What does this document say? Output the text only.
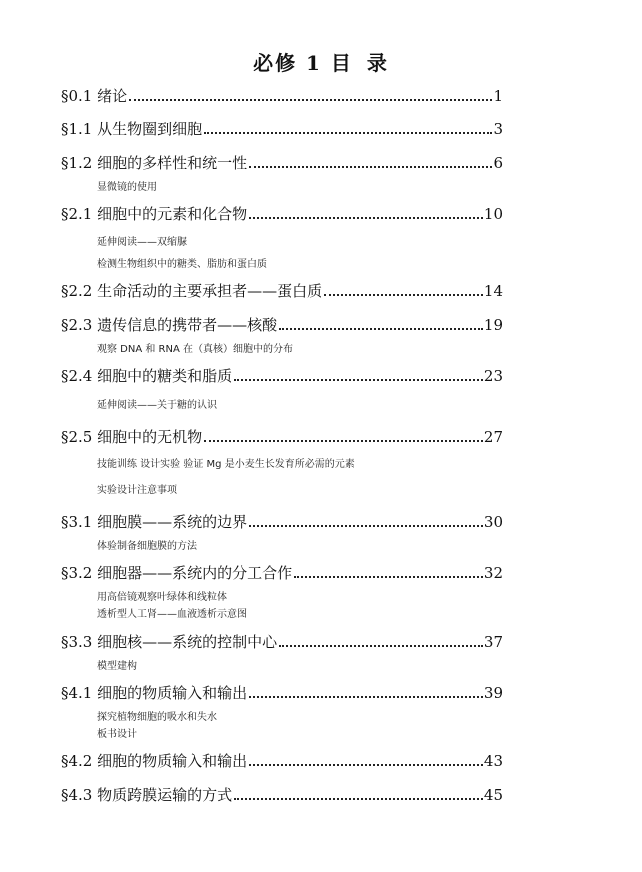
必修 1 目 录
§0.1 绪论	1
§1.1 从生物圈到细胞	3
§1.2 细胞的多样性和统一性	6
显微镜的使用
§2.1 细胞中的元素和化合物	10
延伸阅读——双缩脲
检测生物组织中的糖类、脂肪和蛋白质
§2.2 生命活动的主要承担者——蛋白质	14
§2.3 遗传信息的携带者——核酸	19
观察 DNA 和 RNA 在（真核）细胞中的分布
§2.4 细胞中的糖类和脂质	23
延伸阅读——关于糖的认识
§2.5 细胞中的无机物	27
技能训练 设计实验 验证 Mg 是小麦生长发育所必需的元素
实验设计注意事项
§3.1 细胞膜——系统的边界	30
体验制备细胞膜的方法
§3.2 细胞器——系统内的分工合作	32
用高倍镜观察叶绿体和线粒体
透析型人工肾——血液透析示意图
§3.3 细胞核——系统的控制中心	37
模型建构
§4.1 细胞的物质输入和输出	39
探究植物细胞的吸水和失水
板书设计
§4.2 细胞的物质输入和输出	43
§4.3 物质跨膜运输的方式	45
